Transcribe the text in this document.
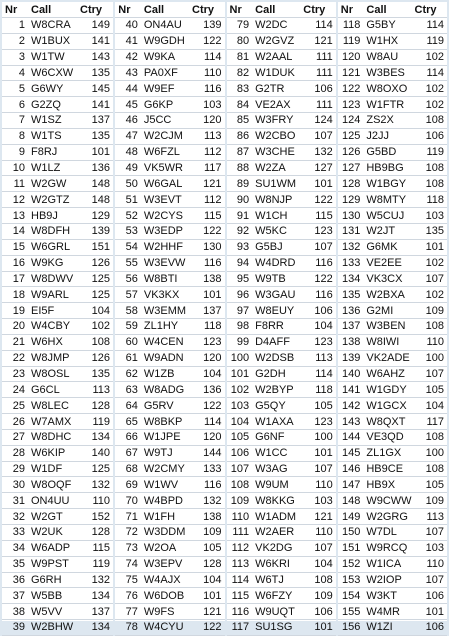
Nr	Call	Ctry
1 W8CRA	149
2 W1BUX	141
3 W1TW	143
4 W6CXW	135
5 G6WY	145
6 G2ZQ	141
7 W1SZ	137
8 W1TS	135
9 F8RJ	101
10 W1LZ	136
11 W2GW	148
12 W2GTZ	148
13 HB9J	129
14 W8DFH	139
15 W6GRL	151
16 W9KG	126
17 W8DWV	125
18 W9ARL	125
19 EI5F	104
20 W4CBY	102
21 W6HX	108
22 W8JMP	126
23 W8OSL	135
24 G6CL	113
25 W8LEC	128
26 W7AMX	119
27 W8DHC	134
28 W6KIP	140
29 W1DF	125
30 W8OQF	132
31 ON4UU	110
32 W2GT	152
33 W2UK	128
34 W6ADP	115
35 W9PST	119
36 G6RH	132
37 W5BB	134
38 W5VV	137
39 W2BHW	134
Nr	Call	Ctry
40 ON4AU	139
41 W9GDH	122
42 W9KA	114
43 PA0XF	110
44 W9EF	116
45 G6KP	103
46 J5CC	120
47 W2CJM	113
48 W6FZL	112
49 VK5WR	117
50 W6GAL	121
51 W3EVT	112
52 W2CYS	115
53 W3EDP	122
54 W2HHF	130
55 W3EVW	116
56 W8BTI	138
57 VK3KX	101
58 W3EMM	137
59 ZL1HY	118
60 W4CEN	123
61 W9ADN	120
62 W1ZB	104
63 W8ADG	136
64 G5RV	122
65 W8BKP	114
66 W1JPE	120
67 W9TJ	144
68 W2CMY	133
69 W1WV	116
70 W4BPD	132
71 W1FH	138
72 W3DDM	109
73 W2OA	105
74 W3EPV	128
75 W4AJX	104
76 W6DOB	101
77 W9FS	121
78 W4CYU	122
Nr	Call	Ctry
79 W2DC	114
80 W2GVZ	121
81 W2AAL	111
82 W1DUK	111
83 G2TR	106
84 VE2AX	111
85 W3FRY	124
86 W2CBO	107
87 W3CHE	132
88 W2ZA	127
89 SU1WM	101
90 W8NJP	122
91 W1CH	115
92 W5KC	123
93 G5BJ	107
94 W4DRD	116
95 W9TB	122
96 W3GAU	116
97 W8EUY	106
98 F8RR	104
99 D4AFF	123
100 W2DSB	113
101 G2DH	114
102 W2BYP	118
103 G5QY	105
104 W1AXA	123
105 G6NF	100
106 W1CC	101
107 W3AG	107
108 W9UM	110
109 W8KKG	103
110 W1ADM	121
111 W2AER	110
112 VK2DG	107
113 W6KRI	104
114 W6TJ	108
115 W6FZY	109
116 W9UQT	106
117 SU1SG	101
Nr	Call	Ctry
118 G5BY	114
119 W1HX	119
120 W8AU	102
121 W3BES	114
122 W8OXO	102
123 W1FTR	102
124 ZS2X	108
125 J2JJ	106
126 G5BD	119
127 HB9BG	108
128 W1BGY	108
129 W8MTY	118
130 W5CUJ	103
131 W2JT	135
132 G6MK	101
133 VE2EE	102
134 VK3CX	107
135 W2BXA	102
136 G2MI	109
137 W3BEN	108
138 W8IWI	110
139 VK2ADE	100
140 W6AHZ	107
141 W1GDY	105
142 W1GCX	104
143 W8QXT	117
144 VE3QD	108
145 ZL1GX	100
146 HB9CE	108
147 HB9X	105
148 W9CWW	109
149 W2GRG	113
150 W7DL	107
151 W9RCQ	103
152 W1ICA	110
153 W2IOP	107
154 W3KT	106
155 W4MR	101
156 W1ZI	106
